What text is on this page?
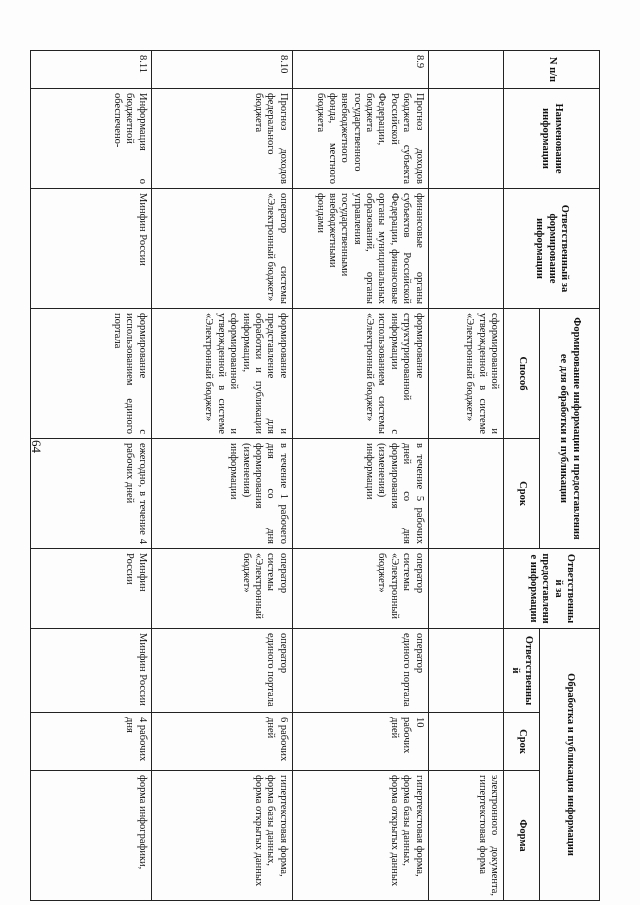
64
N п/п	Наименование информации	Ответственный за формирование информации	Формирование информации и предоставления ее для обработки и публикации		Ответственный за предоставление информации	Обработка и публикация информации		
			Способ	Срок		Ответственный	Срок	Форма
			сформированной и утвержденной в системе «Электронный бюджет»					электронного документа, гипертекстовая форма
8.9	Прогноз доходов бюджета субъекта Российской Федерации, бюджета государственного внебюджетного фонда, местного бюджета	финансовые органы субъектов Российской Федерации, финансовые органы муниципальных образований, органы управления государственными внебюджетными фондами	формирование структурированной информации с использованием системы «Электронный бюджет»	в течение 5 рабочих дней со дня формирования (изменения) информации	оператор системы «Электронный бюджет»	оператор единого портала	10 рабочих дней	гипертекстовая форма, форма базы данных, форма открытых данных
8.10	Прогноз доходов федерального бюджета	оператор системы «Электронный бюджет»	формирование и представление для обработки и публикации информации, сформированной и утвержденной в системе «Электронный бюджет»	в течение 1 рабочего дня со дня формирования (изменения) информации	оператор системы «Электронный бюджет»	оператор единого портала	6 рабочих дней	гипертекстовая форма, форма базы данных, форма открытых данных
8.11	Информация о бюджетной обеспечено-	Минфин России	формирование с использованием единого портала	ежегодно, в течение 4 рабочих дней	Минфин России	Минфин России	4 рабочих дня	форма инфографики,
